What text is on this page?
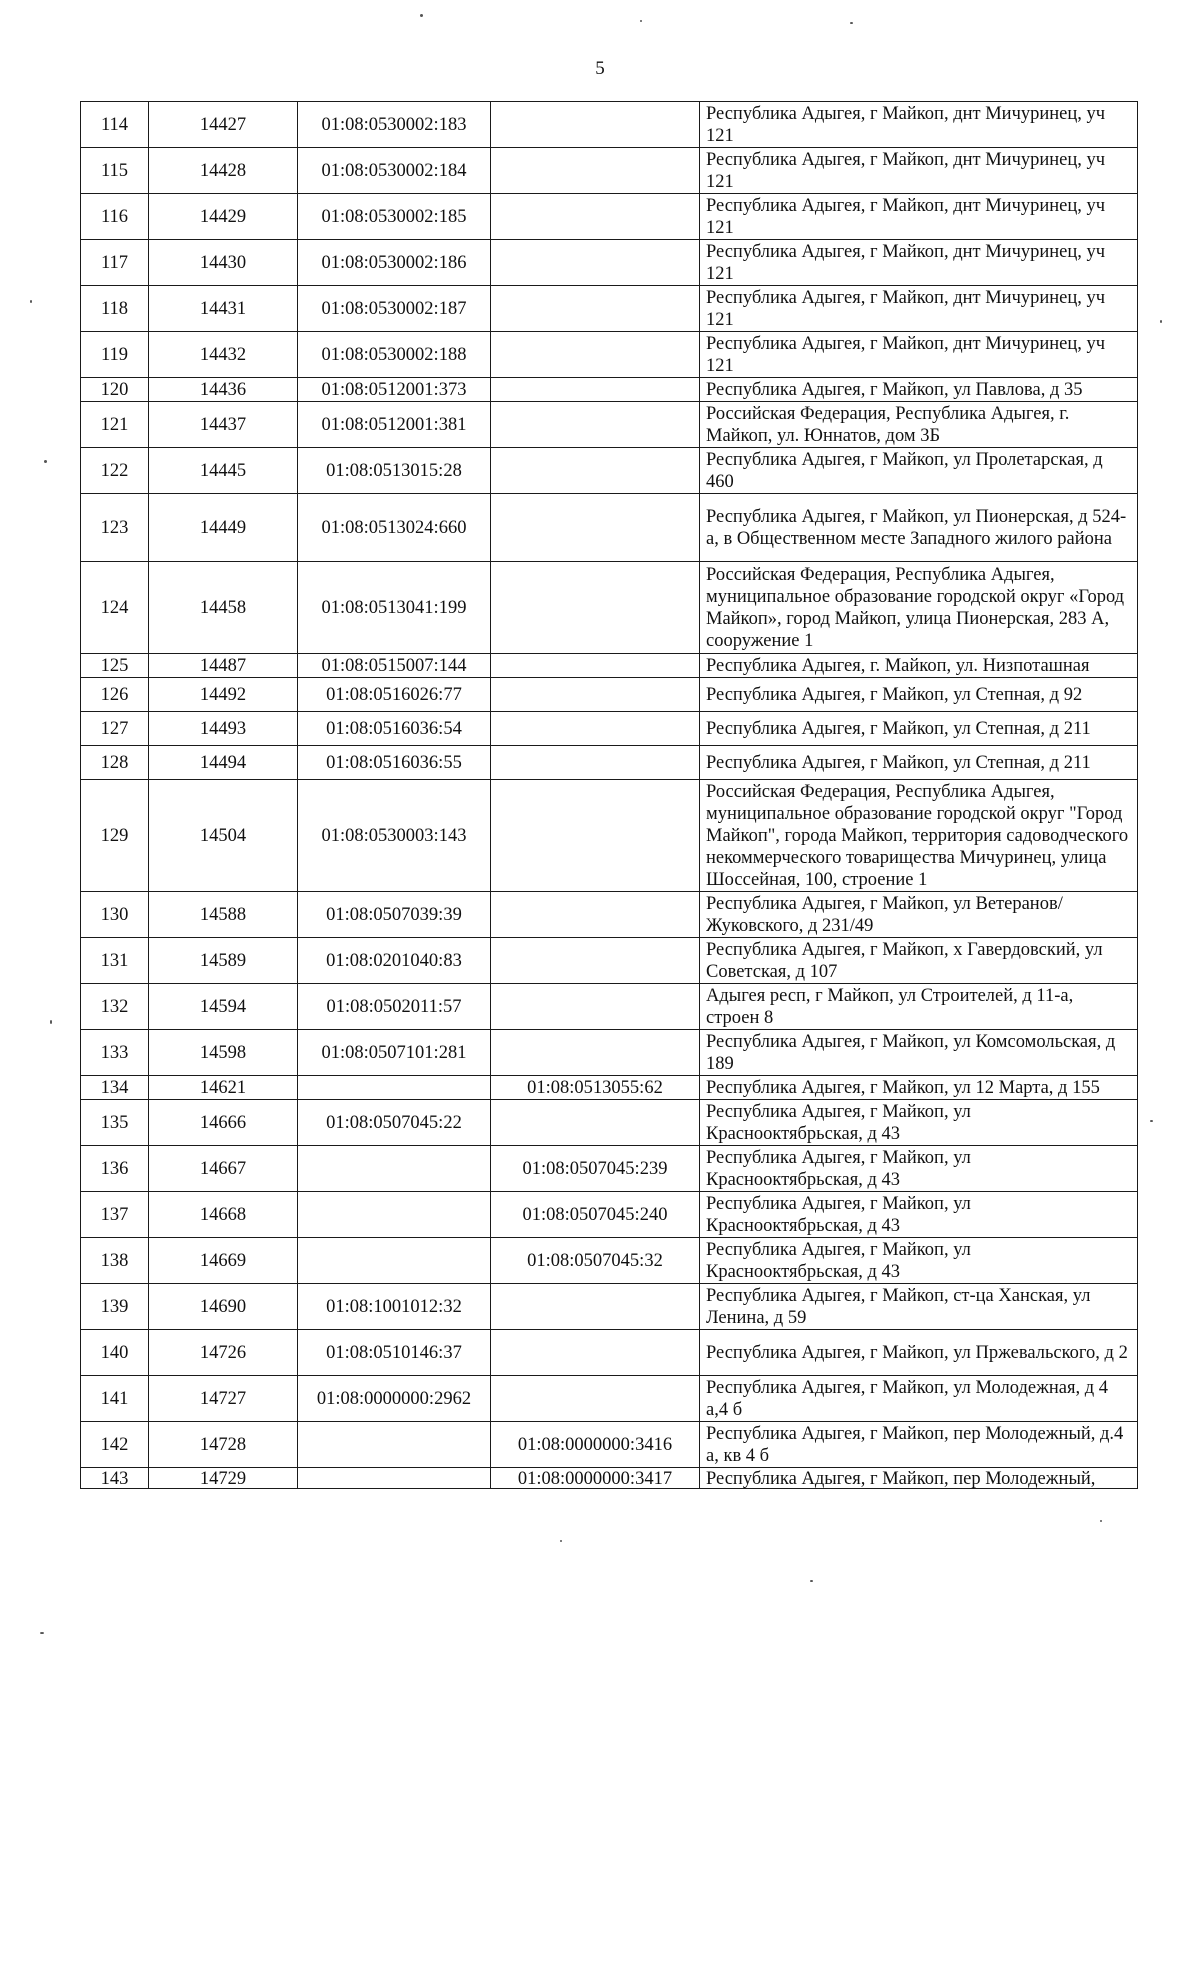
5
114	14427	01:08:0530002:183		Республика Адыгея, г Майкоп, днт Мичуринец, уч 121
115	14428	01:08:0530002:184		Республика Адыгея, г Майкоп, днт Мичуринец, уч 121
116	14429	01:08:0530002:185		Республика Адыгея, г Майкоп, днт Мичуринец, уч 121
117	14430	01:08:0530002:186		Республика Адыгея, г Майкоп, днт Мичуринец, уч 121
118	14431	01:08:0530002:187		Республика Адыгея, г Майкоп, днт Мичуринец, уч 121
119	14432	01:08:0530002:188		Республика Адыгея, г Майкоп, днт Мичуринец, уч 121
120	14436	01:08:0512001:373		Республика Адыгея, г Майкоп, ул Павлова, д 35
121	14437	01:08:0512001:381		Российская Федерация, Республика Адыгея, г. Майкоп, ул. Юннатов, дом 3Б
122	14445	01:08:0513015:28		Республика Адыгея, г Майкоп, ул Пролетарская, д 460
123	14449	01:08:0513024:660		Республика Адыгея, г Майкоп, ул Пионерская, д 524-а, в Общественном месте Западного жилого района
124	14458	01:08:0513041:199		Российская Федерация, Республика Адыгея, муниципальное образование городской округ «Город Майкоп», город Майкоп, улица Пионерская, 283 А, сооружение 1
125	14487	01:08:0515007:144		Республика Адыгея, г. Майкоп, ул. Низпоташная
126	14492	01:08:0516026:77		Республика Адыгея, г Майкоп, ул Степная, д 92
127	14493	01:08:0516036:54		Республика Адыгея, г Майкоп, ул Степная, д 211
128	14494	01:08:0516036:55		Республика Адыгея, г Майкоп, ул Степная, д 211
129	14504	01:08:0530003:143		Российская Федерация, Республика Адыгея, муниципальное образование городской округ "Город Майкоп", города Майкоп, территория садоводческого некоммерческого товарищества Мичуринец, улица Шоссейная, 100, строение 1
130	14588	01:08:0507039:39		Республика Адыгея, г Майкоп, ул Ветеранов/Жуковского, д 231/49
131	14589	01:08:0201040:83		Республика Адыгея, г Майкоп, х Гавердовский, ул Советская, д 107
132	14594	01:08:0502011:57		Адыгея респ, г Майкоп, ул Строителей, д 11-а, строен 8
133	14598	01:08:0507101:281		Республика Адыгея, г Майкоп, ул Комсомольская, д 189
134	14621		01:08:0513055:62	Республика Адыгея, г Майкоп, ул 12 Марта, д 155
135	14666	01:08:0507045:22		Республика Адыгея, г Майкоп, ул Краснооктябрьская, д 43
136	14667		01:08:0507045:239	Республика Адыгея, г Майкоп, ул Краснооктябрьская, д 43
137	14668		01:08:0507045:240	Республика Адыгея, г Майкоп, ул Краснооктябрьская, д 43
138	14669		01:08:0507045:32	Республика Адыгея, г Майкоп, ул Краснооктябрьская, д 43
139	14690	01:08:1001012:32		Республика Адыгея, г Майкоп, ст-ца Ханская, ул Ленина, д 59
140	14726	01:08:0510146:37		Республика Адыгея, г Майкоп, ул Пржевальского, д 2
141	14727	01:08:0000000:2962		Республика Адыгея, г Майкоп, ул Молодежная, д 4 а,4 б
142	14728		01:08:0000000:3416	Республика Адыгея, г Майкоп, пер Молодежный, д.4 а, кв 4 б

143	14729		01:08:0000000:3417	Республика Адыгея, г Майкоп, пер Молодежный,
